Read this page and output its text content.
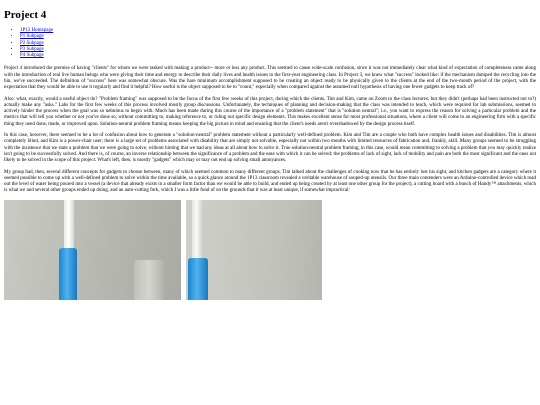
Project 4
• 1P13 Homepage
• P1 Subpage
• P2 Subpage
• P3 Subpage
• P4 Subpage

Project 4 introduced the premise of having "clients" for whom we were tasked with making a product-- more or less any product. This seemed to cause wide-scale confusion, since it was not immediately clear what kind of expectation of completeness came along with the introduction of real live human beings who were giving their time and energy to describe their daily lives and health issues to the first-year engineering class. In Project 3, we knew what "success" looked like: if the mechanism dumped the recycling into the bin, we've succeeded. The definition of "success" here was somewhat obscure. Was the bare minimum accomplishment supposed to be creating an object ready to be physically given to the clients at the end of the two-month period of the project, with the expectation that they would be able to use it regularly and find it helpful? How useful is the object supposed to be to "count," especially when compared against the assumed null hypothesis of having one fewer gadgets to keep track of?

Also: what, exactly, would a useful object do? "Problem framing" was supposed to be the focus of the first few weeks of this project, during which the clients, Tim and Kim, came on Zoom to the class lectures; but they didn't (perhaps had been instructed not to?) actually make any "asks." Labs for the first few weeks of this process involved mostly group discussions. Unfortunately, the techniques of planning and decision-making that the class was intended to teach, which were required for lab submissions, seemed to actively hinder the process when the goal was so nebulous to begin with. Much has been made during this course of the importance of a "problem statement" that is "solution neutral"; i.e., you want to express the reason for solving a particular problem and the metrics that will tell you whether or not you've done so, without committing to, making reference to, or ruling out specific design elements. This makes excellent sense for most professional situations, where a client will come to an engineering firm with a specific thing they need done, made, or improved upon. Solution-neutral problem framing means keeping the big picture in mind and ensuring that the client's needs aren't overshadowed by the design process itself.

In this case, however, there seemed to be a lot of confusion about how to generate a "solution-neutral" problem statement without a particularly well-defined problem. Kim and Tim are a couple who both have complex health issues and disabilities. Tim is almost completely blind, and Kim is a power-chair user; there is a large set of problems associated with disability that are simply not solvable, especially not within two months with limited resources of fabrication and, frankly, skill. Many groups seemed to be struggling with the insistence that we state a problem that we were going to solve, without hinting that we had any ideas at all about how to solve it. True solution-neutral problem framing, in this case, would mean committing to solving a problem that you may quickly realize isn't going to be successfully solved. And there is, of course, an inverse relationship between the significance of a problem and the ease with which it can be solved; the problems of lack of sight, lack of mobility and pain are both the most significant and the ones not likely to be solved in the scope of this project. What's left, then, is mostly "gadgets" which may or may not end up solving small annoyances.

My group had, then, several different concepts for gadgets to choose between, many of which seemed common to many different groups. Tim talked about the challenges of cooking now that he has entirely lost his sight, and kitchen gadgets are a category where it seemed possible to come up with a well-defined problem to solve within the time available, so a quick glance around the 1P13 classroom revealed a veritable warehouse of souped-up utensils. Our three main contenders were an Arduino-controlled device which read out the level of water being poured into a vessel (a device that already exists in a smaller form factor than we would be able to build, and ended up being created by at least one other group for the project), a cutting board with a bunch of Handy™ attachments, which is what we and several other groups ended up doing, and an auto-cutting fork, which I was a little fond of on the grounds that it was at least unique, if somewhat impractical:
